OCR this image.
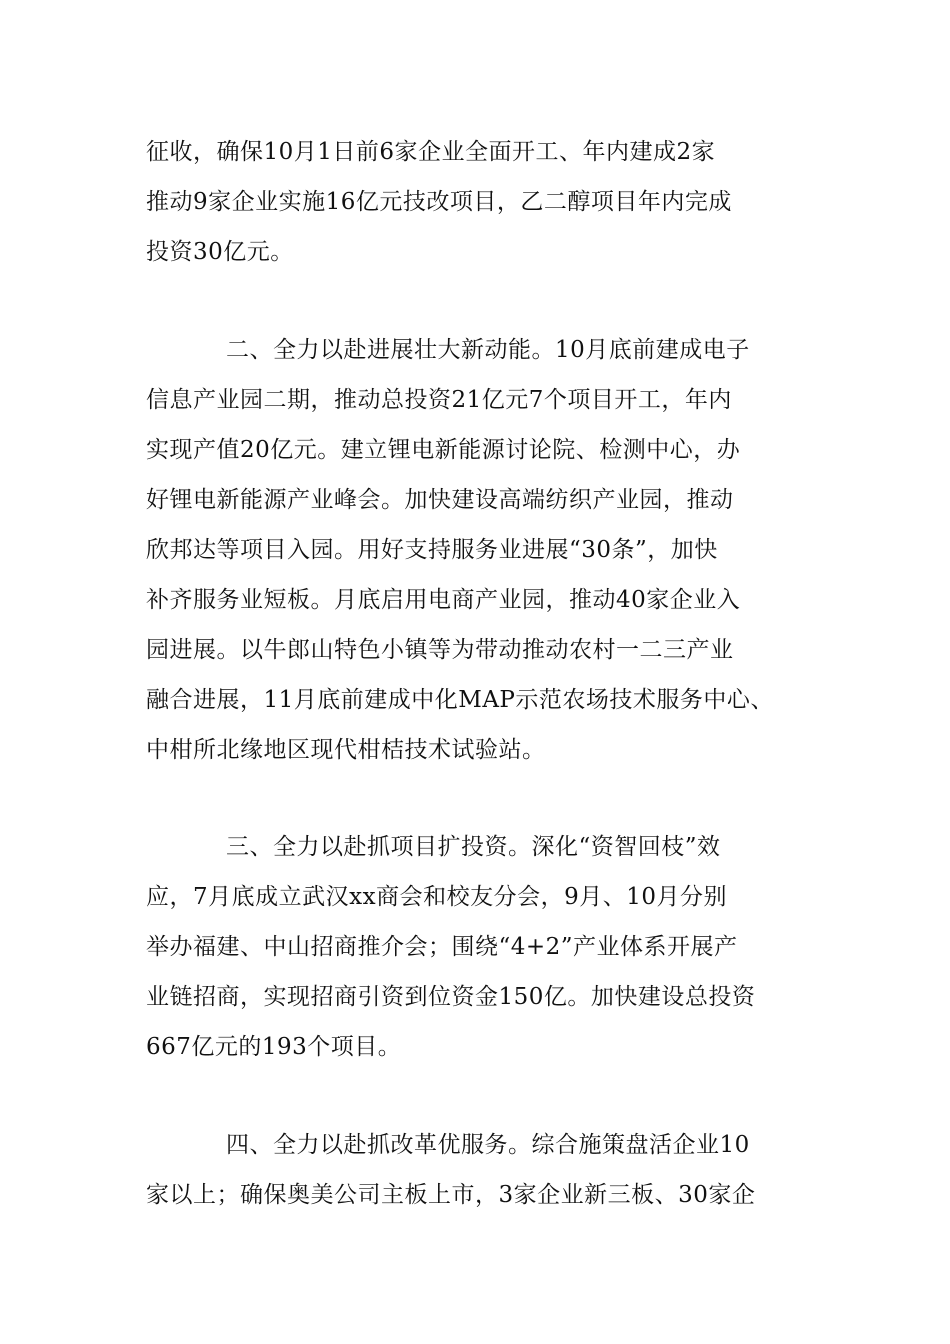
征收，确保10月1日前6家企业全面开工、年内建成2家
推动9家企业实施16亿元技改项目，乙二醇项目年内完成
投资30亿元。
二、全力以赴进展壮大新动能。10月底前建成电子
信息产业园二期，推动总投资21亿元7个项目开工，年内
实现产值20亿元。建立锂电新能源讨论院、检测中心，办
好锂电新能源产业峰会。加快建设高端纺织产业园，推动
欣邦达等项目入园。用好支持服务业进展“30条”，加快
补齐服务业短板。月底启用电商产业园，推动40家企业入
园进展。以牛郎山特色小镇等为带动推动农村一二三产业
融合进展，11月底前建成中化MAP示范农场技术服务中心、
中柑所北缘地区现代柑桔技术试验站。
三、全力以赴抓项目扩投资。深化“资智回枝”效
应，7月底成立武汉xx商会和校友分会，9月、10月分别
举办福建、中山招商推介会；围绕“4+2”产业体系开展产
业链招商，实现招商引资到位资金150亿。加快建设总投资
667亿元的193个项目。
四、全力以赴抓改革优服务。综合施策盘活企业10
家以上；确保奥美公司主板上市，3家企业新三板、30家企
